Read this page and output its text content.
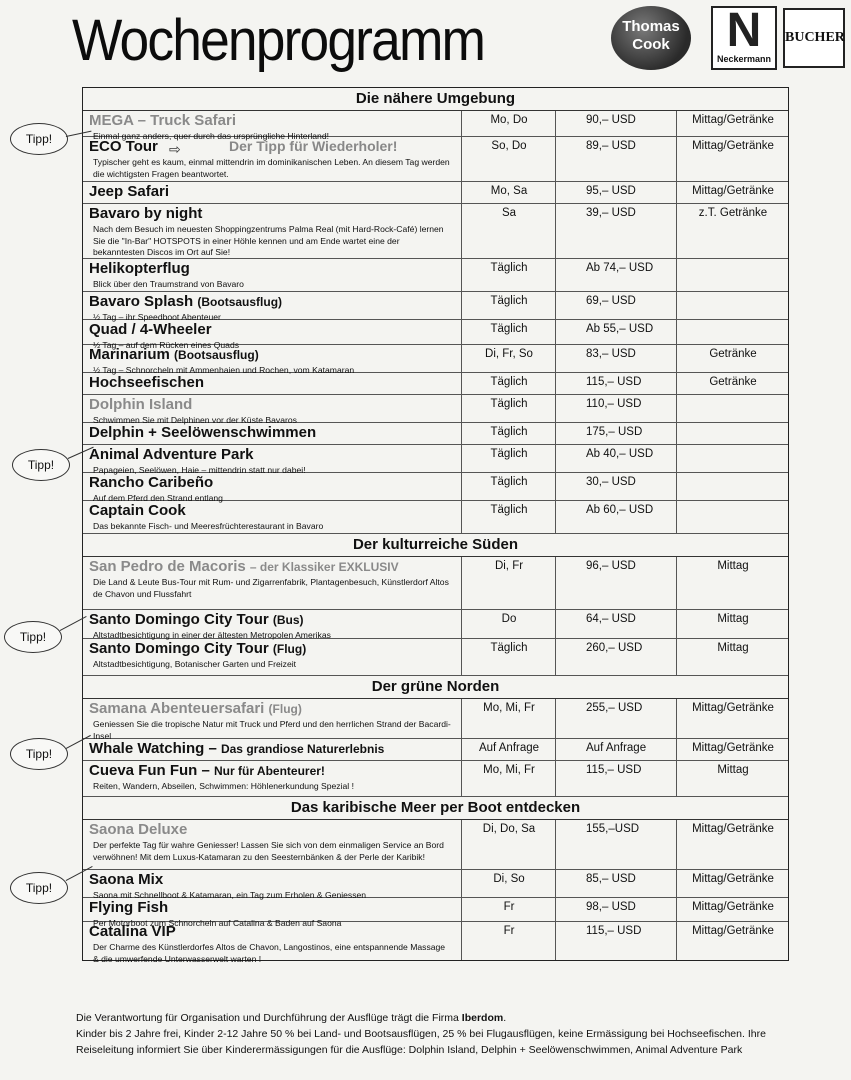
Wochenprogramm	Thomas Cook	N
Neckermann
BUCHER
Die nähere Umgebung
MEGA – Truck Safari
Einmal ganz anders, quer durch das ursprüngliche Hinterland!
Mo, Do	90,– USD	Mittag/Getränke
ECO Tour ⇨	Der Tipp für Wiederholer!
Typischer geht es kaum, einmal mittendrin im dominikanischen Leben. An diesem Tag werden die wichtigsten Fragen beantwortet.
So, Do	89,– USD	Mittag/Getränke
Jeep Safari	Mo, Sa	95,– USD	Mittag/Getränke
Bavaro by night
Nach dem Besuch im neuesten Shoppingzentrums Palma Real (mit Hard-Rock-Café) lernen Sie die "In-Bar" HOTSPOTS in einer Höhle kennen und am Ende wartet eine der bekanntesten Discos im Ort auf Sie!
Sa	39,– USD	z.T. Getränke
Helikopterflug
Blick über den Traumstrand von Bavaro
Täglich	Ab 74,– USD
Bavaro Splash (Bootsausflug)
½ Tag – ihr Speedboot Abenteuer
Täglich	69,– USD
Quad / 4-Wheeler
½ Tag – auf dem Rücken eines Quads
Täglich	Ab 55,– USD
Marinarium (Bootsausflug)
½ Tag – Schnorcheln mit Ammenhaien und Rochen, vom Katamaran
Di, Fr, So	83,– USD	Getränke
Hochseefischen	Täglich	115,– USD	Getränke
Dolphin Island
Schwimmen Sie mit Delphinen vor der Küste Bavaros
Täglich	110,– USD
Delphin + Seelöwenschwimmen	Täglich	175,– USD
Animal Adventure Park
Papageien, Seelöwen, Haie – mittendrin statt nur dabei!
Täglich	Ab 40,– USD
Rancho Caribeño
Auf dem Pferd den Strand entlang
Täglich	30,– USD
Captain Cook
Das bekannte Fisch- und Meeresfrüchterestaurant in Bavaro
Täglich	Ab 60,– USD
Der kulturreiche Süden
San Pedro de Macoris – der Klassiker EXKLUSIV
Die Land & Leute Bus-Tour mit Rum- und Zigarrenfabrik, Plantagenbesuch, Künstlerdorf Altos de Chavon und Flussfahrt
Di, Fr	96,– USD	Mittag
Santo Domingo City Tour (Bus)
Altstadtbesichtigung in einer der ältesten Metropolen Amerikas
Do	64,– USD	Mittag
Santo Domingo City Tour (Flug)
Altstadtbesichtigung, Botanischer Garten und Freizeit
Täglich	260,– USD	Mittag
Der grüne Norden
Samana Abenteuersafari (Flug)
Geniessen Sie die tropische Natur mit Truck und Pferd und den herrlichen Strand der Bacardi-Insel
Mo, Mi, Fr	255,– USD	Mittag/Getränke
Whale Watching – Das grandiose Naturerlebnis	Auf Anfrage	Auf Anfrage	Mittag/Getränke
Cueva Fun Fun – Nur für Abenteurer!
Reiten, Wandern, Abseilen, Schwimmen: Höhlenerkundung Spezial !
Mo, Mi, Fr	115,– USD	Mittag
Das karibische Meer per Boot entdecken
Saona Deluxe
Der perfekte Tag für wahre Geniesser! Lassen Sie sich von dem einmaligen Service an Bord verwöhnen! Mit dem Luxus-Katamaran zu den Seesternbänken & der Perle der Karibik!
Di, Do, Sa	155,–USD	Mittag/Getränke
Saona Mix
Saona mit Schnellboot & Katamaran, ein Tag zum Erholen & Geniessen
Di, So	85,– USD	Mittag/Getränke
Flying Fish
Per Motorboot zum Schnorcheln auf Catalina & Baden auf Saona
Fr	98,– USD	Mittag/Getränke
Catalina VIP
Der Charme des Künstlerdorfes Altos de Chavon, Langostinos, eine entspannende Massage & die umwerfende Unterwasserwelt warten !
Fr	115,– USD	Mittag/Getränke
Tipp!
Tipp!
Tipp!
Tipp!
Tipp!
Die Verantwortung für Organisation und Durchführung der Ausflüge trägt die Firma Iberdom.
Kinder bis 2 Jahre frei, Kinder 2-12 Jahre 50 % bei Land- und Bootsausflügen, 25 % bei Flugausflügen, keine Ermässigung bei Hochseefischen. Ihre Reiseleitung informiert Sie über Kinderermässigungen für die Ausflüge: Dolphin Island, Delphin + Seelöwenschwimmen, Animal Adventure Park
